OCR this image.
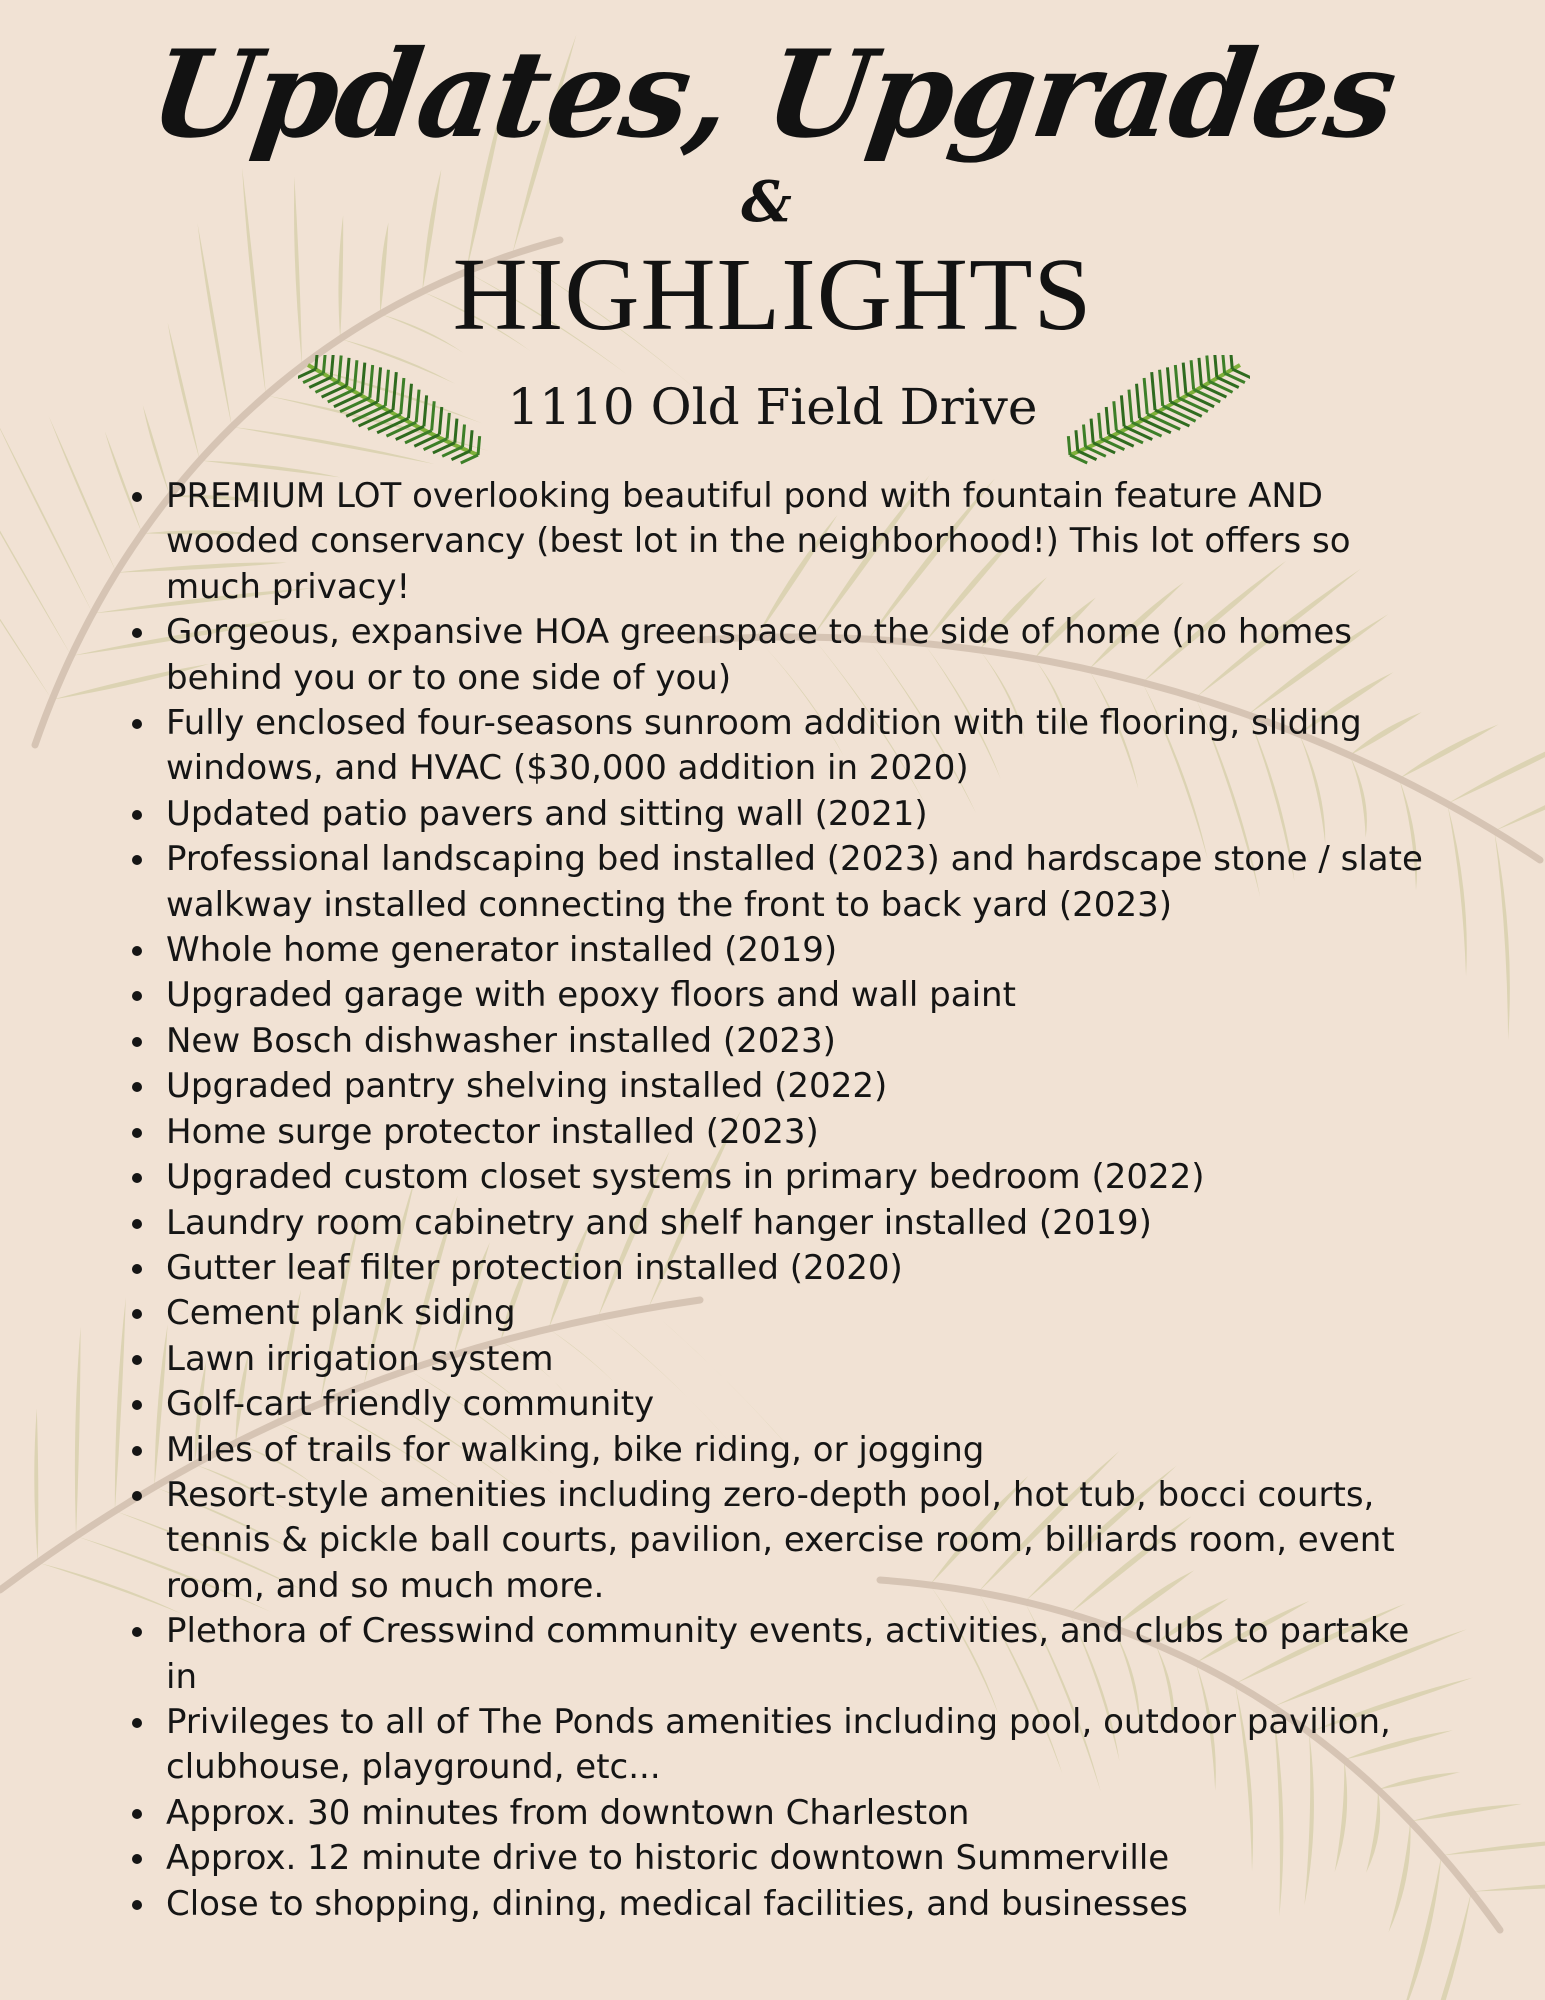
Updates, Upgrades
&
HIGHLIGHTS
1110 Old Field Drive
PREMIUM LOT overlooking beautiful pond with fountain feature AND wooded conservancy (best lot in the neighborhood!) This lot offers so much privacy!
Gorgeous, expansive HOA greenspace to the side of home (no homes behind you or to one side of you)
Fully enclosed four-seasons sunroom addition with tile flooring, sliding windows, and HVAC ($30,000 addition in 2020)
Updated patio pavers and sitting wall (2021)
Professional landscaping bed installed (2023) and hardscape stone / slate walkway installed connecting the front to back yard (2023)
Whole home generator installed (2019)
Upgraded garage with epoxy floors and wall paint
New Bosch dishwasher installed (2023)
Upgraded pantry shelving installed (2022)
Home surge protector installed (2023)
Upgraded custom closet systems in primary bedroom (2022)
Laundry room cabinetry and shelf hanger installed (2019)
Gutter leaf filter protection installed (2020)
Cement plank siding
Lawn irrigation system
Golf-cart friendly community
Miles of trails for walking, bike riding, or jogging
Resort-style amenities including zero-depth pool, hot tub, bocci courts, tennis & pickle ball courts, pavilion, exercise room, billiards room, event room, and so much more.
Plethora of Cresswind community events, activities, and clubs to partake in
Privileges to all of The Ponds amenities including pool, outdoor pavilion, clubhouse, playground, etc...
Approx. 30 minutes from downtown Charleston
Approx. 12 minute drive to historic downtown Summerville
Close to shopping, dining, medical facilities, and businesses
